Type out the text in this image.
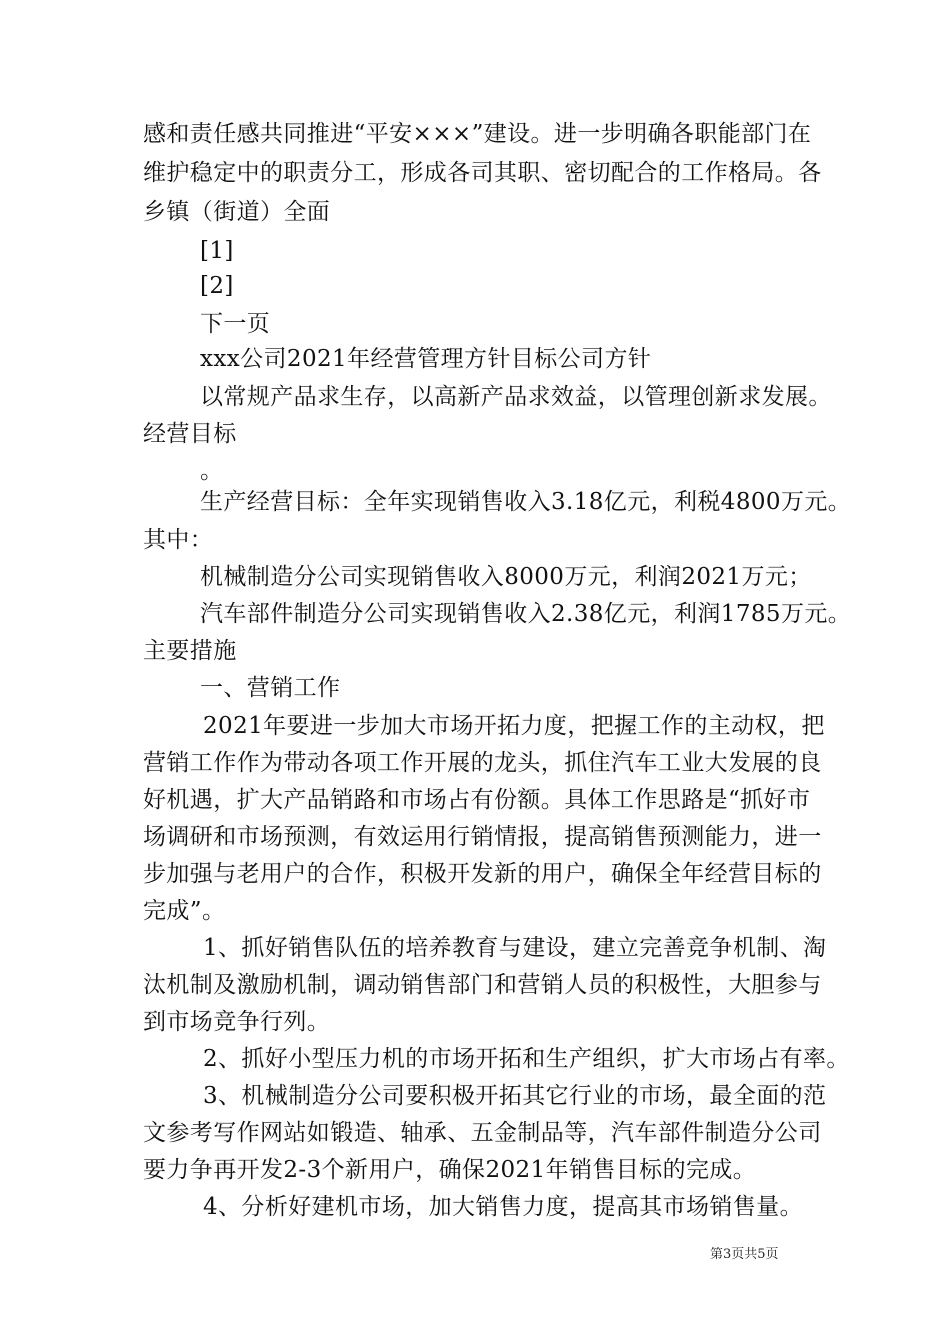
感和责任感共同推进“平安×××”建设。进一步明确各职能部门在
维护稳定中的职责分工，形成各司其职、密切配合的工作格局。各
乡镇（街道）全面
[1]
[2]
下一页
xxx公司2021年经营管理方针目标公司方针
以常规产品求生存，以高新产品求效益，以管理创新求发展。
经营目标
。
生产经营目标：全年实现销售收入3.18亿元，利税4800万元。
其中：
机械制造分公司实现销售收入8000万元，利润2021万元；
汽车部件制造分公司实现销售收入2.38亿元，利润1785万元。
主要措施
一、营销工作
2021年要进一步加大市场开拓力度，把握工作的主动权，把
营销工作作为带动各项工作开展的龙头，抓住汽车工业大发展的良
好机遇，扩大产品销路和市场占有份额。具体工作思路是“抓好市
场调研和市场预测，有效运用行销情报，提高销售预测能力，进一
步加强与老用户的合作，积极开发新的用户，确保全年经营目标的
完成”。
1、抓好销售队伍的培养教育与建设，建立完善竞争机制、淘
汰机制及激励机制，调动销售部门和营销人员的积极性，大胆参与
到市场竞争行列。
2、抓好小型压力机的市场开拓和生产组织，扩大市场占有率。
3、机械制造分公司要积极开拓其它行业的市场，最全面的范
文参考写作网站如锻造、轴承、五金制品等，汽车部件制造分公司
要力争再开发2-3个新用户，确保2021年销售目标的完成。
4、分析好建机市场，加大销售力度，提高其市场销售量。
第3页共5页
